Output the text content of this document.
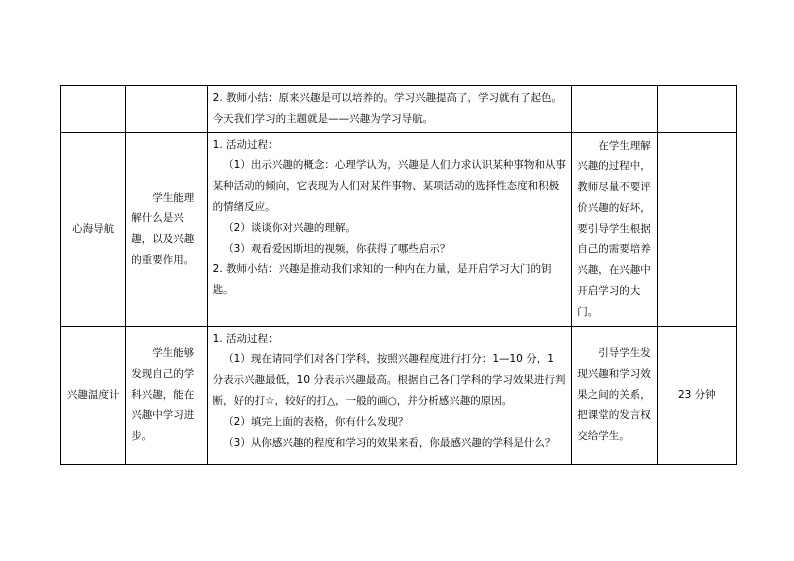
		2. 教师小结：原来兴趣是可以培养的。学习兴趣提高了，学习就有了起色。今天我们学习的主题就是——兴趣为学习导航。		

心海导航	学生能理解什么是兴趣，以及兴趣的重要作用。	1. 活动过程：
（1）出示兴趣的概念：心理学认为，兴趣是人们力求认识某种事物和从事某种活动的倾向，它表现为人们对某件事物、某项活动的选择性态度和积极的情绪反应。
（2）谈谈你对兴趣的理解。
（3）观看爱因斯坦的视频，你获得了哪些启示？
2. 教师小结：兴趣是推动我们求知的一种内在力量，是开启学习大门的钥匙。	在学生理解兴趣的过程中，教师尽量不要评价兴趣的好坏，要引导学生根据自己的需要培养兴趣，在兴趣中开启学习的大门。	
兴趣温度计	学生能够发现自己的学科兴趣，能在兴趣中学习进步。	1. 活动过程：
（1）现在请同学们对各门学科，按照兴趣程度进行打分：1—10 分，1 分表示兴趣最低，10 分表示兴趣最高。根据自己各门学科的学习效果进行判断，好的打☆，较好的打△，一般的画○，并分析感兴趣的原因。
（2）填完上面的表格，你有什么发现？
（3）从你感兴趣的程度和学习的效果来看，你最感兴趣的学科是什么？	引导学生发现兴趣和学习效果之间的关系，把课堂的发言权交给学生。	23 分钟
